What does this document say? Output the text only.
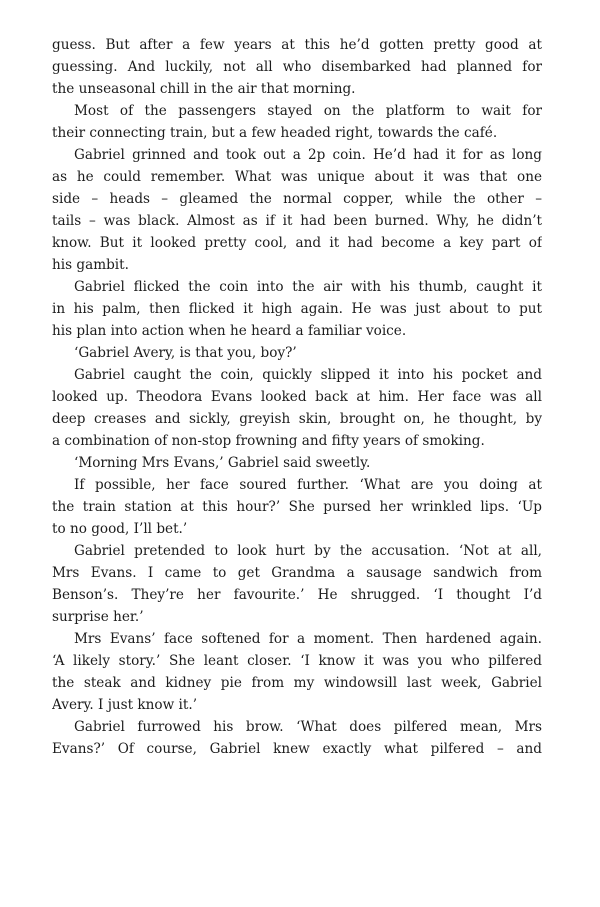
guess. But after a few years at this he’d gotten pretty good at
guessing. And luckily, not all who disembarked had planned for
the unseasonal chill in the air that morning.
Most of the passengers stayed on the platform to wait for
their connecting train, but a few headed right, towards the café.
Gabriel grinned and took out a 2p coin. He’d had it for as long
as he could remember. What was unique about it was that one
side – heads – gleamed the normal copper, while the other –
tails – was black. Almost as if it had been burned. Why, he didn’t
know. But it looked pretty cool, and it had become a key part of
his gambit.
Gabriel flicked the coin into the air with his thumb, caught it
in his palm, then flicked it high again. He was just about to put
his plan into action when he heard a familiar voice.
‘Gabriel Avery, is that you, boy?’
Gabriel caught the coin, quickly slipped it into his pocket and
looked up. Theodora Evans looked back at him. Her face was all
deep creases and sickly, greyish skin, brought on, he thought, by
a combination of non-stop frowning and fifty years of smoking.
‘Morning Mrs Evans,’ Gabriel said sweetly.
If possible, her face soured further. ‘What are you doing at
the train station at this hour?’ She pursed her wrinkled lips. ‘Up
to no good, I’ll bet.’
Gabriel pretended to look hurt by the accusation. ‘Not at all,
Mrs Evans. I came to get Grandma a sausage sandwich from
Benson’s. They’re her favourite.’ He shrugged. ‘I thought I’d
surprise her.’
Mrs Evans’ face softened for a moment. Then hardened again.
‘A likely story.’ She leant closer. ‘I know it was you who pilfered
the steak and kidney pie from my windowsill last week, Gabriel
Avery. I just know it.’
Gabriel furrowed his brow. ‘What does pilfered mean, Mrs
Evans?’ Of course, Gabriel knew exactly what pilfered – and
